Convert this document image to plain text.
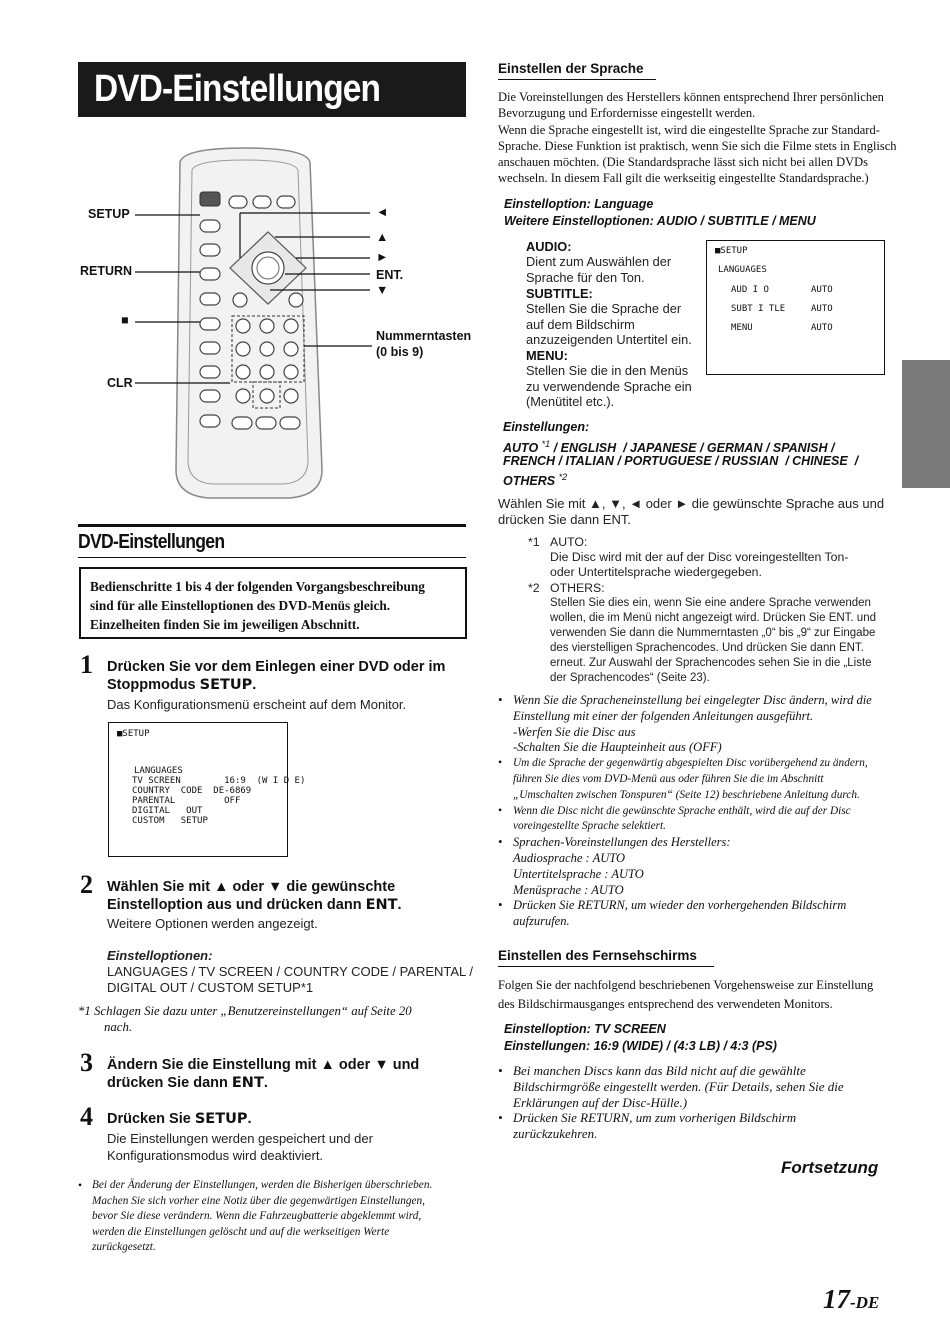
DVD-Einstellungen
SETUP
RETURN
■
CLR
◄
▲
►
ENT.
▼
Nummerntasten
(0 bis 9)
DVD-Einstellungen
Bedienschritte 1 bis 4 der folgenden Vorgangsbeschreibung
sind für alle Einstelloptionen des DVD-Menüs gleich.
Einzelheiten finden Sie im jeweiligen Abschnitt.
1 Drücken Sie vor dem Einlegen einer DVD oder im
Stoppmodus SETUP.
Das Konfigurationsmenü erscheint auf dem Monitor.
■SETUP
LANGUAGES
TV SCREEN        16:9  (W I D E)
COUNTRY  CODE  DE-6869
PARENTAL         OFF
DIGITAL   OUT
CUSTOM   SETUP
2 Wählen Sie mit ▲ oder ▼ die gewünschte
Einstelloption aus und drücken dann ENT.
Weitere Optionen werden angezeigt.
Einstelloptionen:
LANGUAGES / TV SCREEN / COUNTRY CODE / PARENTAL /
DIGITAL OUT / CUSTOM SETUP*1
*1 Schlagen Sie dazu unter „Benutzereinstellungen“ auf Seite 20
nach.
3 Ändern Sie die Einstellung mit ▲ oder ▼ und
drücken Sie dann ENT.
4 Drücken Sie SETUP.
Die Einstellungen werden gespeichert und der
Konfigurationsmodus wird deaktiviert.
• Bei der Änderung der Einstellungen, werden die Bisherigen überschrieben.
Machen Sie sich vorher eine Notiz über die gegenwärtigen Einstellungen,
bevor Sie diese verändern. Wenn die Fahrzeugbatterie abgeklemmt wird,
werden die Einstellungen gelöscht und auf die werkseitigen Werte
zurückgesetzt.
Einstellen der Sprache
Die Voreinstellungen des Herstellers können entsprechend Ihrer persönlichen
Bevorzugung und Erfordernisse eingestellt werden.
Wenn die Sprache eingestellt ist, wird die eingestellte Sprache zur Standard-
Sprache. Diese Funktion ist praktisch, wenn Sie sich die Filme stets in Englisch
anschauen möchten. (Die Standardsprache lässt sich nicht bei allen DVDs
wechseln. In diesem Fall gilt die werkseitig eingestellte Standardsprache.)
Einstelloption: Language
Weitere Einstelloptionen: AUDIO / SUBTITLE / MENU
AUDIO:
Dient zum Auswählen der
Sprache für den Ton.
SUBTITLE:
Stellen Sie die Sprache der
auf dem Bildschirm
anzuzeigenden Untertitel ein.
MENU:
Stellen Sie die in den Menüs
zu verwendende Sprache ein
(Menütitel etc.).
■SETUP
LANGUAGES
AUD I O	AUTO
SUBT I TLE	AUTO
MENU	AUTO
Einstellungen:
AUTO $^{*1}$ / ENGLISH  / JAPANESE / GERMAN / SPANISH /
FRENCH / ITALIAN / PORTUGUESE / RUSSIAN  / CHINESE  /
OTHERS $^{*2}$
Wählen Sie mit ▲, ▼, ◄ oder ► die gewünschte Sprache aus und
drücken Sie dann ENT.
*1 AUTO:
Die Disc wird mit der auf der Disc voreingestellten Ton-
oder Untertitelsprache wiedergegeben.
*2 OTHERS:
Stellen Sie dies ein, wenn Sie eine andere Sprache verwenden
wollen, die im Menü nicht angezeigt wird. Drücken Sie ENT. und
verwenden Sie dann die Nummerntasten „0“ bis „9“ zur Eingabe
des vierstelligen Sprachencodes. Und drücken Sie dann ENT.
erneut. Zur Auswahl der Sprachencodes sehen Sie in die „Liste
der Sprachencodes“ (Seite 23).
• Wenn Sie die Spracheneinstellung bei eingelegter Disc ändern, wird die
Einstellung mit einer der folgenden Anleitungen ausgeführt.
-Werfen Sie die Disc aus
-Schalten Sie die Haupteinheit aus (OFF)
• Um die Sprache der gegenwärtig abgespielten Disc vorübergehend zu ändern,
führen Sie dies vom DVD-Menü aus oder führen Sie die im Abschnitt
„Umschalten zwischen Tonspuren“ (Seite 12) beschriebene Anleitung durch.
• Wenn die Disc nicht die gewünschte Sprache enthält, wird die auf der Disc
voreingestellte Sprache selektiert.
• Sprachen-Voreinstellungen des Herstellers:
Audiosprache : AUTO
Untertitelsprache : AUTO
Menüsprache : AUTO
• Drücken Sie RETURN, um wieder den vorhergehenden Bildschirm
aufzurufen.
Einstellen des Fernsehschirms
Folgen Sie der nachfolgend beschriebenen Vorgehensweise zur Einstellung
des Bildschirmausganges entsprechend des verwendeten Monitors.
Einstelloption: TV SCREEN
Einstellungen: 16:9 (WIDE) / (4:3 LB) / 4:3 (PS)
• Bei manchen Discs kann das Bild nicht auf die gewählte
Bildschirmgröße eingestellt werden. (Für Details, sehen Sie die
Erklärungen auf der Disc-Hülle.)
• Drücken Sie RETURN, um zum vorherigen Bildschirm
zurückzukehren.
Fortsetzung
17-DE
